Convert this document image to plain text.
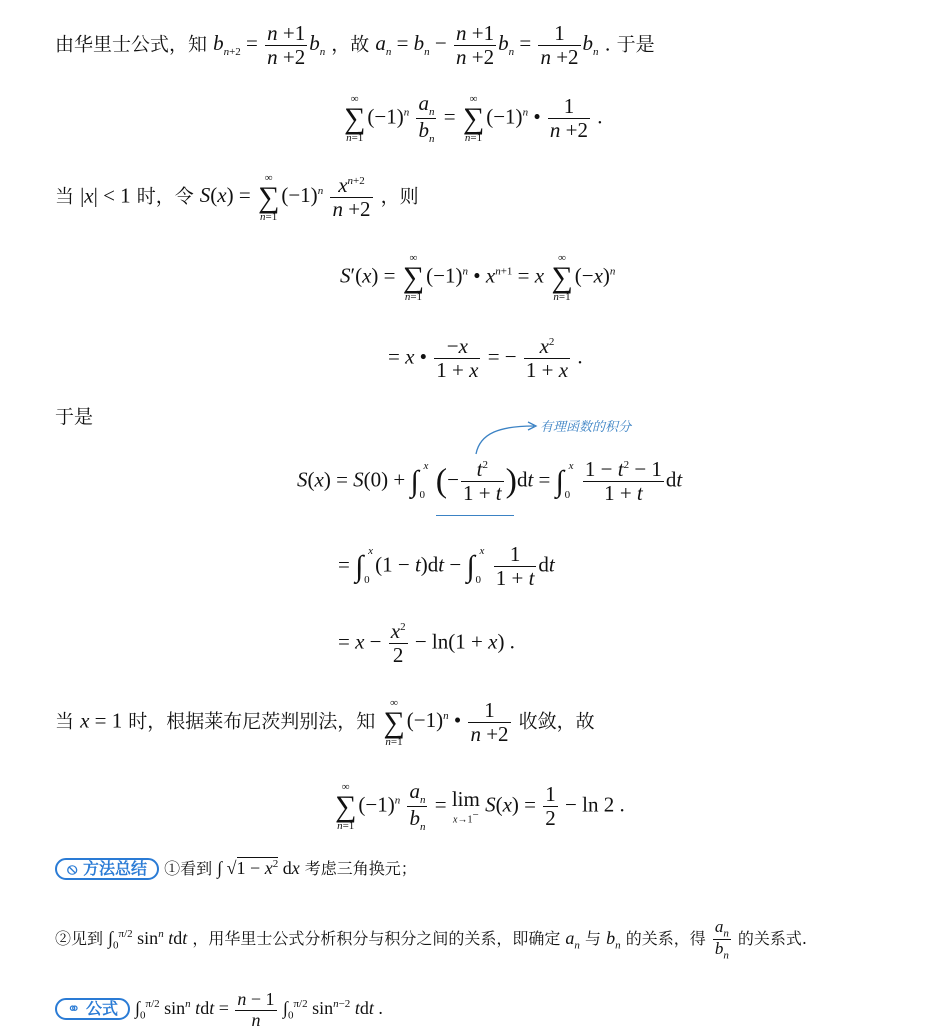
由华里士公式，知 $b_{n+2} = \frac{n +1}{n +2} b_n$ ，故 $a_n = b_n - \frac{n +1}{n +2} b_n = \frac{1}{n +2} b_n$ . 于是
∞
∑
n=1
$(-1)^n \frac{a_n}{b_n}$ =
∞
∑
n=1
$(-1)^n$ • $\frac{1}{n +2}$ .
当 |x| < 1 时，令 S(x) =
∞
∑
n=1
$(-1)^n \frac{x^{n+2}}{n +2}$ ，则
S′(x) =
∞
∑
n=1
$(-1)^n$ • $x^{n+1} = x$
∞
∑
n=1
$(-x)^n$
= x • $\frac{-x}{1 + x}$ = − $\frac{x^2}{1 + x}$ .
于是	有理函数的积分
S(x) = S(0) + ∫ x
0 (− $\frac{t^2}{1 + t} )dt$ = ∫ x
0
$\frac{1 - t^2 - 1}{1 + t}$ dt
= ∫ x
0
(1 − t)dt − ∫ x
0
$\frac{1}{1 + t}$ dt
= $x - \frac{x^2}{2} - \ln(1 + x)$ .
当 x = 1 时，根据莱布尼茨判别法，知
∞
∑
n=1
$(-1)^n$ • $\frac{1}{n +2}$ 收敛，故
∞
∑
n=1
$(-1)^n \frac{a_n}{b_n} = \lim$
x→1− $S(x) = \frac{1}{2} - \ln 2$ .
⦸ 方法总结 ①看到 ∫ $√1 - x^2$ dx 考虑三角换元；
②见到 $\int_0^{\pi/2}$ $\sin^n$ tdt ，用华里士公式分析积分与积分之间的关系，即确定 $a_n$ 与 $b_n$ 的关系，得 $\frac{a_n}{b_n}$ 的关系式.
⚭ 公式 $\int_0^{\pi/2}$ $\sin^n$ tdt = $\frac{n - 1}{n} \int_0^{\pi/2}$ $\sin^{n-2}$ tdt .
